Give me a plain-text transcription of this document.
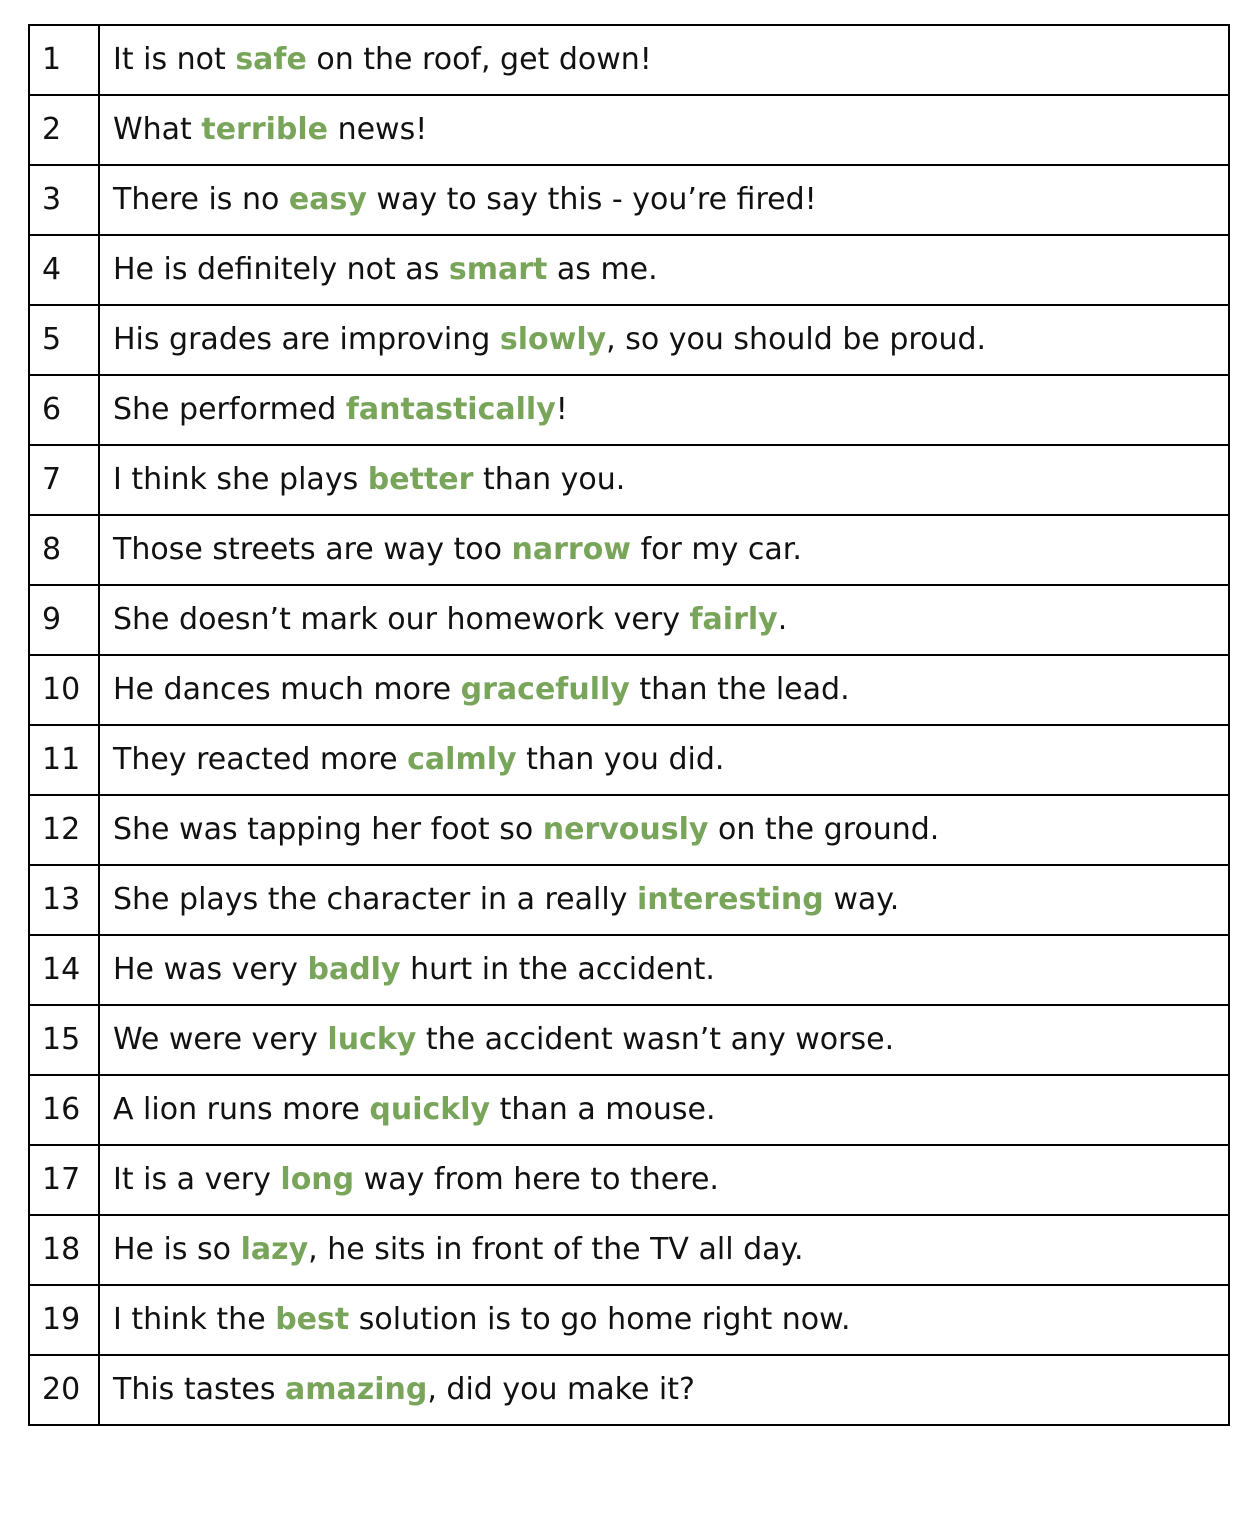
1	It is not safe on the roof, get down!
2	What terrible news!
3	There is no easy way to say this - you’re fired!
4	He is definitely not as smart as me.
5	His grades are improving slowly, so you should be proud.
6	She performed fantastically!
7	I think she plays better than you.
8	Those streets are way too narrow for my car.
9	She doesn’t mark our homework very fairly.
10	He dances much more gracefully than the lead.
11	They reacted more calmly than you did.
12	She was tapping her foot so nervously on the ground.
13	She plays the character in a really interesting way.
14	He was very badly hurt in the accident.
15	We were very lucky the accident wasn’t any worse.
16	A lion runs more quickly than a mouse.
17	It is a very long way from here to there.
18	He is so lazy, he sits in front of the TV all day.
19	I think the best solution is to go home right now.
20	This tastes amazing, did you make it?
